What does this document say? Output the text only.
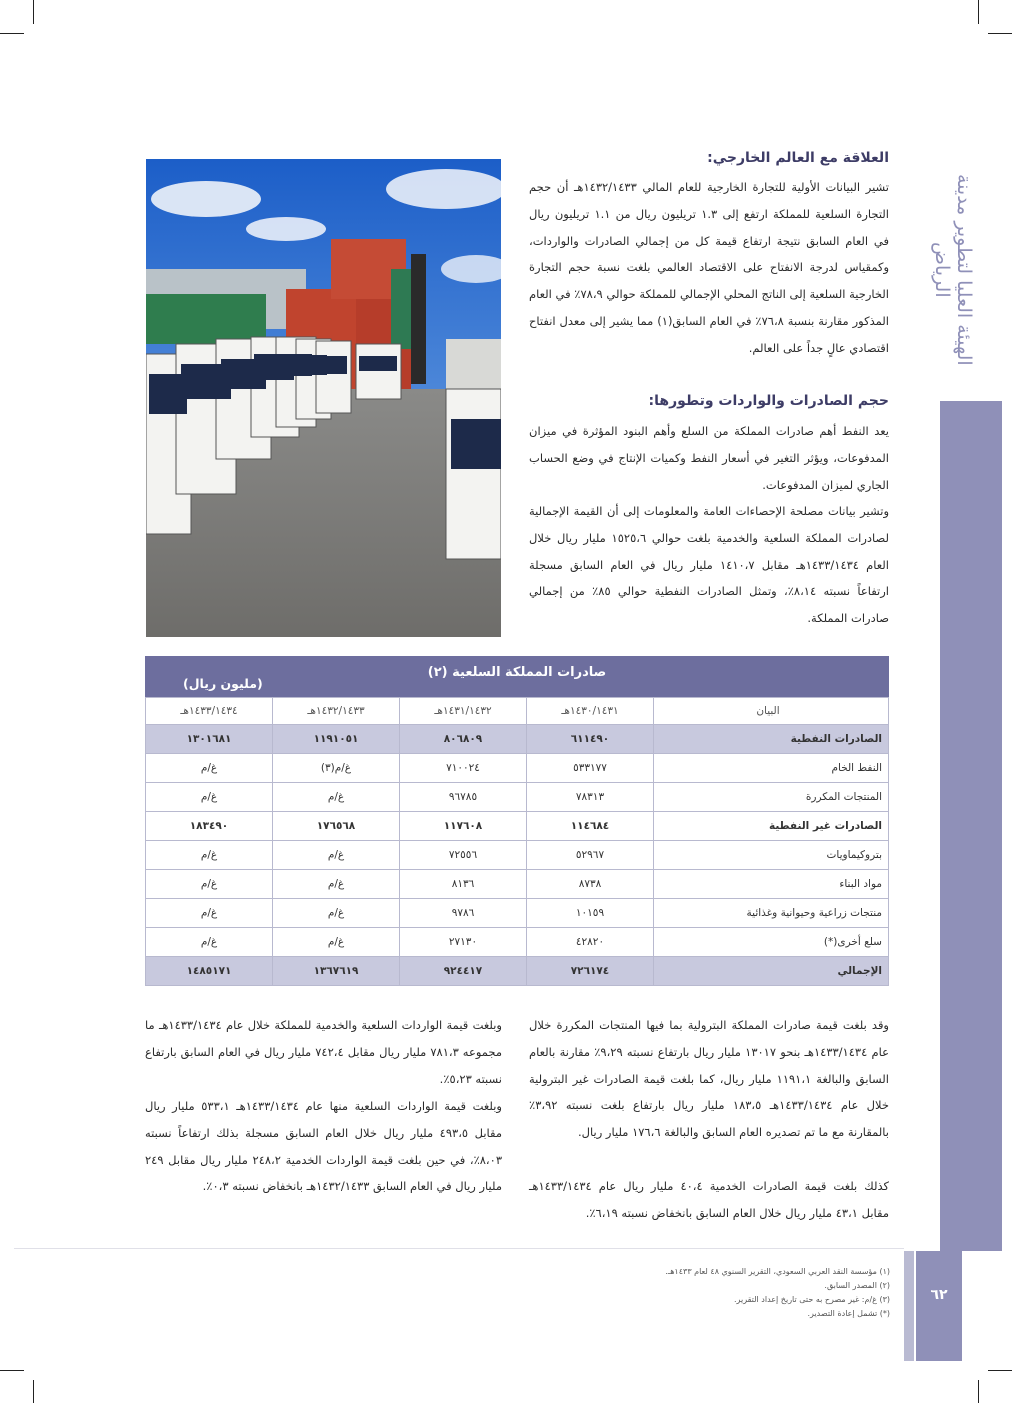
الهيئة العليا لتطوير مدينة الرياض
العلاقة مع العالم الخارجي:

تشير البيانات الأولية للتجارة الخارجية للعام المالي ١٤٣٢/١٤٣٣هـ أن حجم التجارة السلعية للمملكة ارتفع إلى ١.٣ تريليون ريال من ١.١ تريليون ريال في العام السابق نتيجة ارتفاع قيمة كل من إجمالي الصادرات والواردات، وكمقياس لدرجة الانفتاح على الاقتصاد العالمي بلغت نسبة حجم التجارة الخارجية السلعية إلى الناتج المحلي الإجمالي للمملكة حوالي ٧٨،٩٪ في العام المذكور مقارنة بنسبة ٧٦،٨٪ في العام السابق(١) مما يشير إلى معدل انفتاح اقتصادي عالٍ جداً على العالم.

حجم الصادرات والواردات وتطورها:

يعد النفط أهم صادرات المملكة من السلع وأهم البنود المؤثرة في ميزان المدفوعات، ويؤثر التغير في أسعار النفط وكميات الإنتاج في وضع الحساب الجاري لميزان المدفوعات.

وتشير بيانات مصلحة الإحصاءات العامة والمعلومات إلى أن القيمة الإجمالية لصادرات المملكة السلعية والخدمية بلغت حوالي ١٥٢٥،٦ مليار ريال خلال العام ١٤٣٣/١٤٣٤هـ مقابل ١٤١٠،٧ مليار ريال في العام السابق مسجلة ارتفاعاً نسبته ٨،١٤٪، وتمثل الصادرات النفطية حوالي ٨٥٪ من إجمالي صادرات المملكة.

صادرات المملكة السلعية (٢)
(مليون ريال)
البيان	١٤٣٠/١٤٣١هـ	١٤٣١/١٤٣٢هـ	١٤٣٢/١٤٣٣هـ	١٤٣٣/١٤٣٤هـ
الصادرات النفطية	٦١١٤٩٠	٨٠٦٨٠٩	١١٩١٠٥١	١٣٠١٦٨١
النفط الخام	٥٣٣١٧٧	٧١٠٠٢٤	غ/م(٣)	غ/م
المنتجات المكررة	٧٨٣١٣	٩٦٧٨٥	غ/م	غ/م
الصادرات غير النفطية	١١٤٦٨٤	١١٧٦٠٨	١٧٦٥٦٨	١٨٣٤٩٠
بتروكيماويات	٥٢٩٦٧	٧٢٥٥٦	غ/م	غ/م
مواد البناء	٨٧٣٨	٨١٣٦	غ/م	غ/م
منتجات زراعية وحيوانية وغذائية	١٠١٥٩	٩٧٨٦	غ/م	غ/م
سلع أخرى(*)	٤٢٨٢٠	٢٧١٣٠	غ/م	غ/م
الإجمالي	٧٢٦١٧٤	٩٢٤٤١٧	١٣٦٧٦١٩	١٤٨٥١٧١

وقد بلغت قيمة صادرات المملكة البترولية بما فيها المنتجات المكررة خلال عام ١٤٣٣/١٤٣٤هـ بنحو ١٣٠١٧ مليار ريال بارتفاع نسبته ٩،٢٩٪ مقارنة بالعام السابق والبالغة ١١٩١،١ مليار ريال، كما بلغت قيمة الصادرات غير البترولية خلال عام ١٤٣٣/١٤٣٤هـ ١٨٣،٥ مليار ريال بارتفاع بلغت نسبته ٣،٩٢٪ بالمقارنة مع ما تم تصديره العام السابق والبالغة ١٧٦،٦ مليار ريال.

كذلك بلغت قيمة الصادرات الخدمية ٤٠،٤ مليار ريال عام ١٤٣٣/١٤٣٤هـ مقابل ٤٣،١ مليار ريال خلال العام السابق بانخفاض نسبته ٦،١٩٪.

وبلغت قيمة الواردات السلعية والخدمية للمملكة خلال عام ١٤٣٣/١٤٣٤هـ ما مجموعه ٧٨١،٣ مليار ريال مقابل ٧٤٢،٤ مليار ريال في العام السابق بارتفاع نسبته ٥،٢٣٪.

وبلغت قيمة الواردات السلعية منها عام ١٤٣٣/١٤٣٤هـ ٥٣٣،١ مليار ريال مقابل ٤٩٣،٥ مليار ريال خلال العام السابق مسجلة بذلك ارتفاعاً نسبته ٨،٠٣٪، في حين بلغت قيمة الواردات الخدمية ٢٤٨،٢ مليار ريال مقابل ٢٤٩ مليار ريال في العام السابق ١٤٣٢/١٤٣٣هـ بانخفاض نسبته ٠،٣٪.

٦٢
(١) مؤسسة النقد العربي السعودي، التقرير السنوي ٤٨ لعام ١٤٣٣هـ.
(٢) المصدر السابق.
(٣) غ/م: غير مصرح به حتى تاريخ إعداد التقرير.
(*) تشمل إعادة التصدير.
